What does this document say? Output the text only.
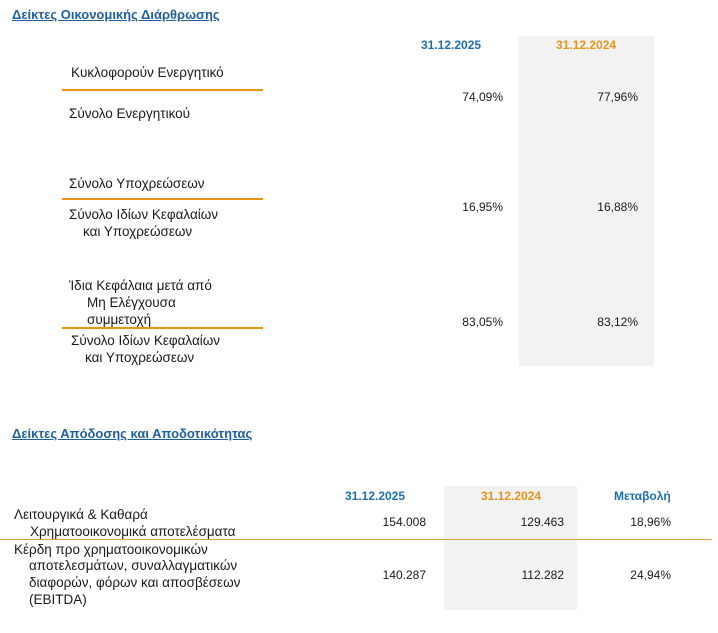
Δείκτες Οικονομικής Διάρθρωσης
31.12.2025	31.12.2024
Κυκλοφορούν Ενεργητικό
Σύνολο Ενεργητικού
74,09%	77,96%
Σύνολο Υποχρεώσεων
Σύνολο Ιδίων Κεφαλαίων
και Υποχρεώσεων
16,95%	16,88%
Ίδια Κεφάλαια μετά από
Μη Ελέγχουσα
συμμετοχή
Σύνολο Ιδίων Κεφαλαίων
και Υποχρεώσεων
83,05%	83,12%
Δείκτες Απόδοσης και Αποδοτικότητας
31.12.2025	31.12.2024	Μεταβολή
Λειτουργικά & Καθαρά
Χρηματοοικονομικά αποτελέσματα
154.008	129.463	18,96%
Κέρδη προ χρηματοοικονομικών
αποτελεσμάτων, συναλλαγματικών
διαφορών, φόρων και αποσβέσεων
(EBITDA)
140.287	112.282	24,94%
